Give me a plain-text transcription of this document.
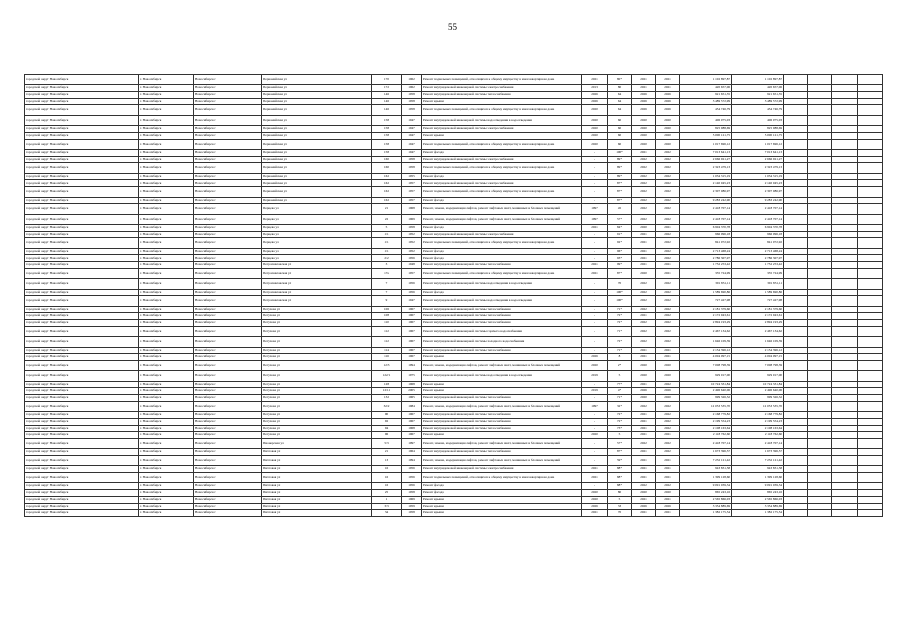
55
городской округ Новосибирск	г. Новосибирск	Новосибирск г	Первомайская ул	170	1962	Ремонт подвальных помещений, относящихся к общему имуществу в многоквартирном доме	2021	80*	2021	2021	1 102 897,87	1 102 897,87				
городской округ Новосибирск	г. Новосибирск	Новосибирск г	Первомайская ул	172	1962	Ремонт внутридомовой инженерной системы электроснабжения	2013	80	2021	2021	420 657,06	420 657,06				
городской округ Новосибирск	г. Новосибирск	Новосибирск г	Первомайская ул	146	1958	Ремонт внутридомовой инженерной системы теплоснабжения	2026	64	2026	2026	921 651,35	921 651,35				
городской округ Новосибирск	г. Новосибирск	Новосибирск г	Первомайская ул	146	1958	Ремонт крыши	2026	64	2026	2026	3 489 572,99	3 489 572,99				
городской округ Новосибирск	г. Новосибирск	Новосибирск г	Первомайская ул	146	1958	Ремонт подвальных помещений, относящихся к общему имуществу в многоквартирном доме	2020	64	2026	2026	454 746,79	454 746,79				
городской округ Новосибирск	г. Новосибирск	Новосибирск г	Первомайская ул	158	1947	Ремонт внутридомовой инженерной системы водоотведения в водоотведения	2020	60	2020	2020	406 075,03	406 075,03				
городской округ Новосибирск	г. Новосибирск	Новосибирск г	Первомайская ул	158	1947	Ремонт внутридомовой инженерной системы электроснабжения	2020	60	2020	2020	825 988,69	825 988,69				
городской округ Новосибирск	г. Новосибирск	Новосибирск г	Первомайская ул	158	1947	Ремонт крыши	2020	60	2020	2020	5 000 121,75	5 000 121,75				
городской округ Новосибирск	г. Новосибирск	Новосибирск г	Первомайская ул	158	1947	Ремонт подвальных помещений, относящихся к общему имуществу в многоквартирном доме	2020	60	2020	2020	1 017 696,12	1 017 696,12				
городской округ Новосибирск	г. Новосибирск	Новосибирск г	Первомайская ул	158	1947	Ремонт фасада	-	100*	2021	2022	7 013 641,13	7 013 641,13				
городской округ Новосибирск	г. Новосибирск	Новосибирск г	Первомайская ул	160	1958	Ремонт внутридомовой инженерной системы электроснабжения	-	89*	2022	2022	2 666 921,27	2 666 921,27				
городской округ Новосибирск	г. Новосибирск	Новосибирск г	Первомайская ул	160	1958	Ремонт подвальных помещений, относящихся к общему имуществу в многоквартирном доме	-	89*	2022	2022	2 323 479,13	2 323 479,13				
городской округ Новосибирск	г. Новосибирск	Новосибирск г	Первомайская ул	162	1955	Ремонт фасада	-	89*	2022	2022	1 034 315,19	1 034 315,19				
городской округ Новосибирск	г. Новосибирск	Новосибирск г	Первомайская ул	162	1957	Ремонт внутридомовой инженерной системы электроснабжения	-	87*	2022	2022	2 140 045,23	2 140 045,23				
городской округ Новосибирск	г. Новосибирск	Новосибирск г	Первомайская ул	162	1957	Ремонт подвальных помещений, относящихся к общему имуществу в многоквартирном доме	-	87*	2022	2022	2 307 086,97	2 307 086,97				
городской округ Новосибирск	г. Новосибирск	Новосибирск г	Первомайская ул	162	1957	Ремонт фасада	-	87*	2022	2022	9 283 242,90	9 283 242,90				
городской округ Новосибирск	г. Новосибирск	Новосибирск г	Перцева ул	21	1968	Ремонт, замена, модернизация лифтов, ремонт лифтовых шахт, машинных и блочных помещений	1997	45	2022	2022	2 418 707,14	2 418 707,14				
городской округ Новосибирск	г. Новосибирск	Новосибирск г	Перцева ул	22	1969	Ремонт, замена, модернизация лифтов, ремонт лифтовых шахт, машинных и блочных помещений	1997	57*	2022	2022	2 418 707,14	2 418 707,14				
городской округ Новосибирск	г. Новосибирск	Новосибирск г	Перцева ул	5	1958	Ремонт фасада	2021	84*	2020	2021	6 904 370,78	6 904 370,78				
городской округ Новосибирск	г. Новосибирск	Новосибирск г	Перцева ул	1/1	1952	Ремонт внутридомовой инженерной системы электроснабжения	-	91*	2021	2022	966 096,18	966 096,18				
городской округ Новосибирск	г. Новосибирск	Новосибирск г	Перцева ул	1/1	1952	Ремонт подвальных помещений, относящихся к общему имуществу в многоквартирном доме	-	92*	2021	2022	841 072,92	841 072,92				
городской округ Новосибирск	г. Новосибирск	Новосибирск г	Перцева ул	1/1	1952	Ремонт фасада	-	96*	2021	2022	2 713 468,24	2 713 468,24				
городской округ Новосибирск	г. Новосибирск	Новосибирск г	Перцева ул	2/2	1956	Ремонт фасада	-	93*	2021	2022	2 786 307,97	2 786 307,97				
городской округ Новосибирск	г. Новосибирск	Новосибирск г	Петропавловская ул	3	1948	Ремонт внутридомовой инженерной системы теплоснабжения	2021	99*	2021	2021	1 752 253,42	1 752 253,42				
городской округ Новосибирск	г. Новосибирск	Новосибирск г	Петропавловская ул	17а	1957	Ремонт подвальных помещений, относящихся к общему имуществу в многоквартирном доме	2021	87*	2020	2021	335 724,99	335 724,99				
городской округ Новосибирск	г. Новосибирск	Новосибирск г	Петропавловская ул	7	1956	Ремонт внутридомовой инженерной системы водоотведения в водоотведения	-	70	2022	2022	391 831,11	391 831,11				
городской округ Новосибирск	г. Новосибирск	Новосибирск г	Петропавловская ул	7	1956	Ремонт фасада	-	100*	2022	2022	1 589 690,86	1 589 690,86				
городской округ Новосибирск	г. Новосибирск	Новосибирск г	Петропавловская ул	9	1947	Ремонт внутридомовой инженерной системы водоотведения в водоотведения	-	100*	2022	2022	727 427,98	727 427,98				
городской округ Новосибирск	г. Новосибирск	Новосибирск г	Петухова ул	106	1967	Ремонт внутридомовой инженерной системы теплоснабжения	-	71*	2022	2022	2 181 379,60	2 181 379,60				
городской округ Новосибирск	г. Новосибирск	Новосибирск г	Петухова ул	108	1967	Ремонт внутридомовой инженерной системы теплоснабжения	-	72*	2021	2022	2 172 943,61	2 172 943,61				
городской округ Новосибирск	г. Новосибирск	Новосибирск г	Петухова ул	110	1967	Ремонт внутридомовой инженерной системы теплоснабжения	-	72*	2022	2022	2 894 193,29	2 894 193,29				
городской округ Новосибирск	г. Новосибирск	Новосибирск г	Петухова ул	112	1967	Ремонт внутридомовой инженерной системы горячего водоснабжения	-	71*	2022	2022	2 467 134,62	2 467 134,62				
городской округ Новосибирск	г. Новосибирск	Новосибирск г	Петухова ул	112	1967	Ремонт внутридомовой инженерной системы холодного водоснабжения	-	72*	2022	2022	1 646 109,39	1 646 109,39				
городской округ Новосибирск	г. Новосибирск	Новосибирск г	Петухова ул	114	1967	Ремонт внутридомовой инженерной системы теплоснабжения	-	71*	2021	2021	2 154 396,12	2 154 396,12				
городской округ Новосибирск	г. Новосибирск	Новосибирск г	Петухова ул	116	1967	Ремонт крыши	2026	8	2021	2021	4 004 097,15	4 004 097,15				
городской округ Новосибирск	г. Новосибирск	Новосибирск г	Петухова ул	12/3	1994	Ремонт, замена, модернизация лифтов, ремонт лифтовых шахт, машинных и блочных помещений	2020	2*	2020	2020	7 008 798,39	7 008 798,39				
городской округ Новосибирск	г. Новосибирск	Новосибирск г	Петухова ул	122/1	1975	Ремонт внутридомовой инженерной системы водоотведения в водоотведения	2019	5	2020	2020	929 017,00	929 017,00				
городской округ Новосибирск	г. Новосибирск	Новосибирск г	Петухова ул	128	1968	Ремонт крыши	-	77*	2021	2022	10 724 331,84	10 724 331,84				
городской округ Новосибирск	г. Новосибирск	Новосибирск г	Петухова ул	12/11	2005	Ремонт крыши	2019	4*	2026	2026	2 496 640,06	2 496 640,06				
городской округ Новосибирск	г. Новосибирск	Новосибирск г	Петухова ул	132	1965	Ремонт внутридомовой инженерной системы теплоснабжения	-	71*	2020	2020	999 326,32	999 326,32				
городской округ Новосибирск	г. Новосибирск	Новосибирск г	Петухова ул	32/2	1984	Ремонт, замена, модернизация лифтов, ремонт лифтовых шахт, машинных и блочных помещений	1997	32*	2022	2022	12 053 535,70	12 053 535,70				
городской округ Новосибирск	г. Новосибирск	Новосибирск г	Петухова ул	90	1967	Ремонт внутридомовой инженерной системы теплоснабжения	-	72*	2021	2022	2 168 779,82	2 168 779,82				
городской округ Новосибирск	г. Новосибирск	Новосибирск г	Петухова ул	92	1967	Ремонт внутридомовой инженерной системы теплоснабжения	-	72*	2021	2022	2 199 554,23	2 199 554,23				
городской округ Новосибирск	г. Новосибирск	Новосибирск г	Петухова ул	94	1968	Ремонт внутридомовой инженерной системы теплоснабжения	-	73*	2021	2022	2 108 163,64	2 108 163,64				
городской округ Новосибирск	г. Новосибирск	Новосибирск г	Петухова ул	96	1967	Ремонт крыши	2020	5	2021	2021	2 118 762,60	2 118 762,60				
городской округ Новосибирск	г. Новосибирск	Новосибирск г	Пионерская ул	5/3	1997	Ремонт, замена, модернизация лифтов, ремонт лифтовых шахт, машинных и блочных помещений	-	57*	2022	2022	2 418 707,14	2 418 707,14				
городской округ Новосибирск	г. Новосибирск	Новосибирск г	Пихтовая ул	21	1964	Ремонт внутридомовой инженерной системы теплоснабжения	-	87*	2021	2022	1 673 396,57	1 673 396,57				
городской округ Новосибирск	г. Новосибирск	Новосибирск г	Пихтовая ул	13	1994	Ремонт, замена, модернизация лифтов, ремонт лифтовых шахт, машинных и блочных помещений	-	59*	2021	2021	7 232 121,42	7 232 121,42				
городской округ Новосибирск	г. Новосибирск	Новосибирск г	Пихтовая ул	16	1956	Ремонт внутридомовой инженерной системы электроснабжения	2021	88*	2021	2021	943 831,58	943 831,58				
городской округ Новосибирск	г. Новосибирск	Новосибирск г	Пихтовая ул	16	1956	Ремонт подвальных помещений, относящихся к общему имуществу в многоквартирном доме	2021	88*	2021	2021	1 399 128,60	1 399 128,60				
городской округ Новосибирск	г. Новосибирск	Новосибирск г	Пихтовая ул	16	1956	Ремонт фасада	-	88*	2022	2022	9 091 039,34	9 091 039,34				
городской округ Новосибирск	г. Новосибирск	Новосибирск г	Пихтовая ул	25	1958	Ремонт фасада	2020	80	2020	2020	865 243,16	865 243,16				
городской округ Новосибирск	г. Новосибирск	Новосибирск г	Пихтовая ул	1	1969	Ремонт крыши	2020	5	2021	2021	2 565 866,03	2 565 866,03				
городской округ Новосибирск	г. Новосибирск	Новосибирск г	Пихтовая ул	3/3	1959	Ремонт крыши	2026	33	2026	2026	3 354 889,69	3 354 889,69				
городской округ Новосибирск	г. Новосибирск	Новосибирск г	Пихтовая ул	34	1958	Ремонт крыши	2021	70	2021	2021	1 382 175,54	1 382 175,54				
